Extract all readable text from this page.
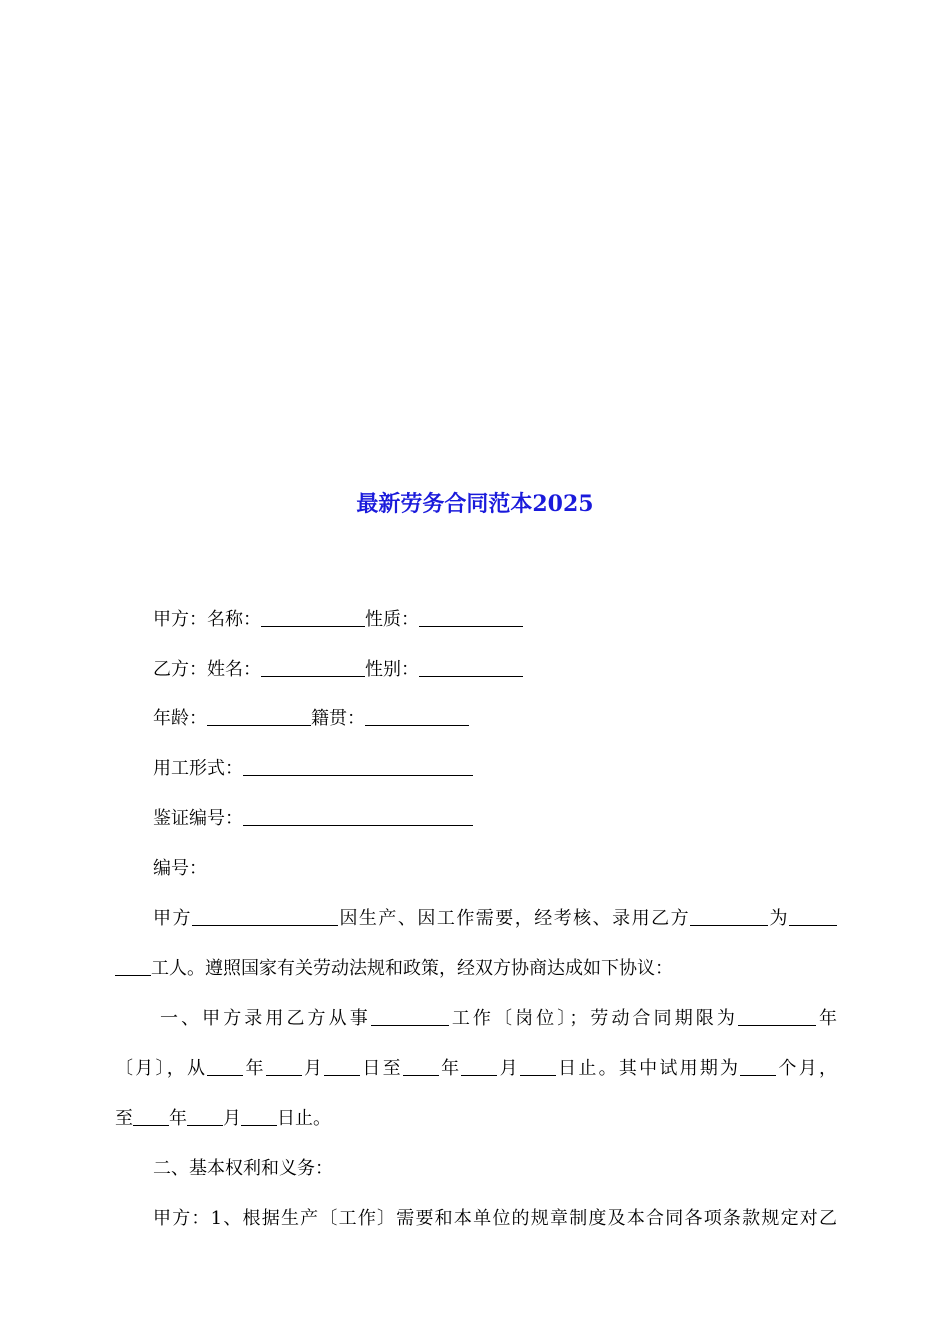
最新劳务合同范本2025
甲方：名称：	性质：
乙方：姓名：	性别：
年龄：	籍贯：
用工形式：
鉴证编号：
编号：
甲方	因生产、因工作需要，经考核、录用乙方	为
工人。遵照国家有关劳动法规和政策，经双方协商达成如下协议：
一、甲方录用乙方从事	工作〔岗位〕；劳动合同期限为	年
〔月〕，从 年 月 日至 年 月 日止。其中试用期为 个月，
至 年 月 日止。
二、基本权利和义务：
甲方：1、根据生产〔工作〕需要和本单位的规章制度及本合同各项条款规定对乙
